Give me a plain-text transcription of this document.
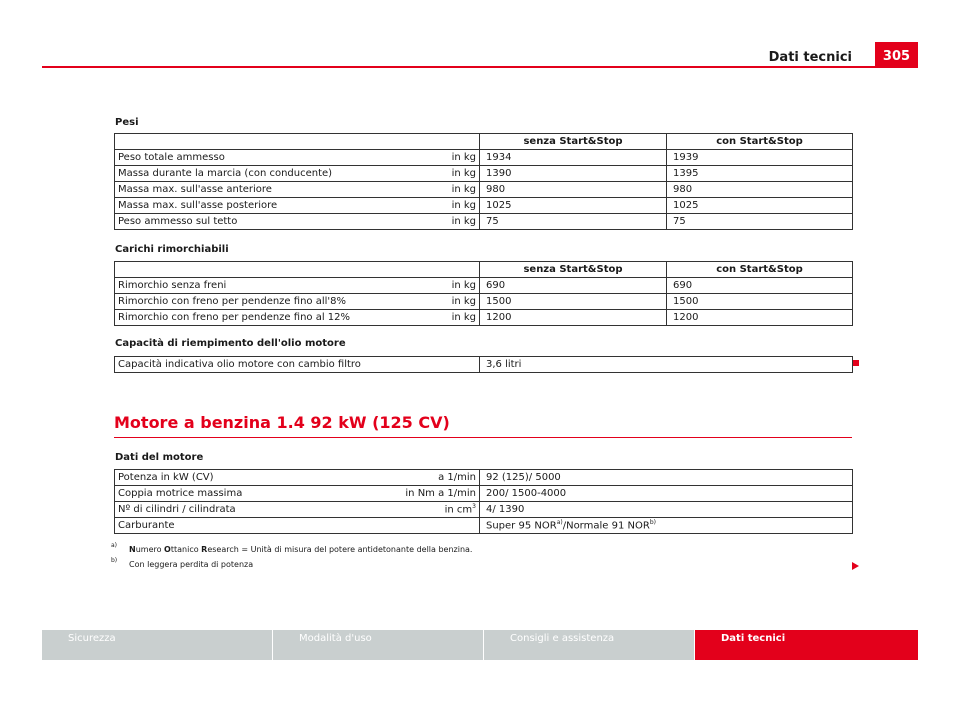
Dati tecnici	305
Pesi
		senza Start&Stop	con Start&Stop
Peso totale ammesso	in kg	1934	1939
Massa durante la marcia (con conducente)	in kg	1390	1395
Massa max. sull'asse anteriore	in kg	980	980
Massa max. sull'asse posteriore	in kg	1025	1025
Peso ammesso sul tetto	in kg	75	75
Carichi rimorchiabili
		senza Start&Stop	con Start&Stop
Rimorchio senza freni	in kg	690	690
Rimorchio con freno per pendenze fino all'8%	in kg	1500	1500
Rimorchio con freno per pendenze fino al 12%	in kg	1200	1200
Capacità di riempimento dell'olio motore
Capacità indicativa olio motore con cambio filtro	3,6 litri
Motore a benzina 1.4 92 kW (125 CV)
Dati del motore
Potenza in kW (CV)	a 1/min	92 (125)/ 5000
Coppia motrice massima	in Nm a 1/min	200/ 1500-4000
Nº di cilindri / cilindrata	in $cm^3$	4/ 1390
Carburante		Super 95 NOR$^{a)}$/Normale 91 NOR$^{b)}$
a) Numero Ottanico Research = Unità di misura del potere antidetonante della benzina.
b) Con leggera perdita di potenza
Sicurezza	Modalità d'uso	Consigli e assistenza	Dati tecnici
